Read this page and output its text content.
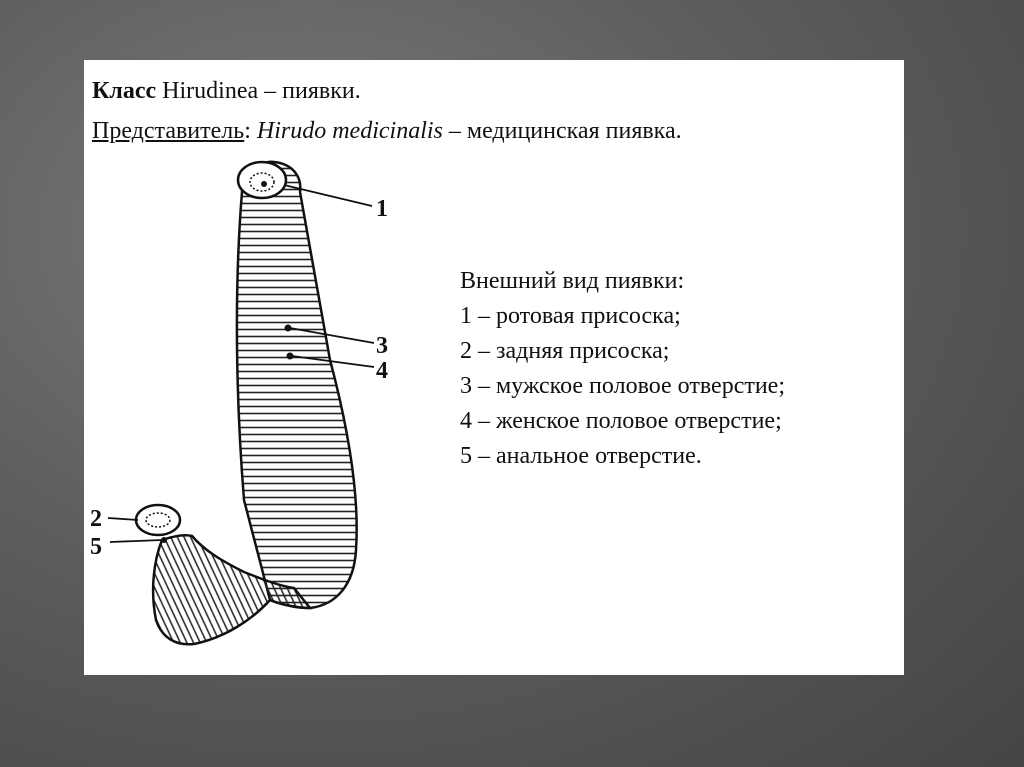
Класс Hirudinea – пиявки.

Представитель: Hirudo medicinalis – медицинская пиявка.

1
2
3
4
5
Внешний вид пиявки:
1 – ротовая присоска;
2 – задняя присоска;
3 – мужское половое отверстие;
4 – женское половое отверстие;
5 – анальное отверстие.
